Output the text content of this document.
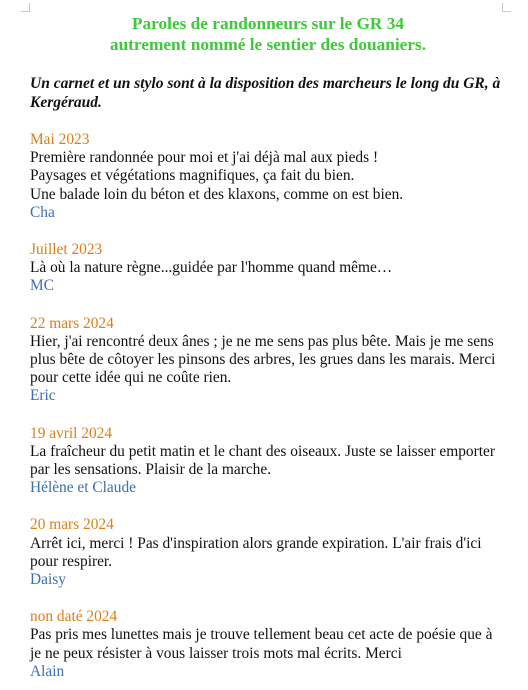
Paroles de randonneurs sur le GR 34
autrement nommé le sentier des douaniers.

Un carnet et un stylo sont à la disposition des marcheurs le long du GR, à Kergéraud.

Mai 2023
Première randonnée pour moi et j'ai déjà mal aux pieds !
Paysages et végétations magnifiques, ça fait du bien.
Une balade loin du béton et des klaxons, comme on est bien.
Cha
Juillet 2023
Là où la nature règne...guidée par l'homme quand même…
MC
22 mars 2024
Hier, j'ai rencontré deux ânes ; je ne me sens pas plus bête. Mais je me sens plus bête de côtoyer les pinsons des arbres, les grues dans les marais. Merci pour cette idée qui ne coûte rien.
Eric
19 avril 2024
La fraîcheur du petit matin et le chant des oiseaux. Juste se laisser emporter par les sensations. Plaisir de la marche.
Hélène et Claude
20 mars 2024
Arrêt ici, merci ! Pas d'inspiration alors grande expiration. L'air frais d'ici pour respirer.
Daisy
non daté 2024
Pas pris mes lunettes mais je trouve tellement beau cet acte de poésie que à je ne peux résister à vous laisser trois mots mal écrits. Merci
Alain
